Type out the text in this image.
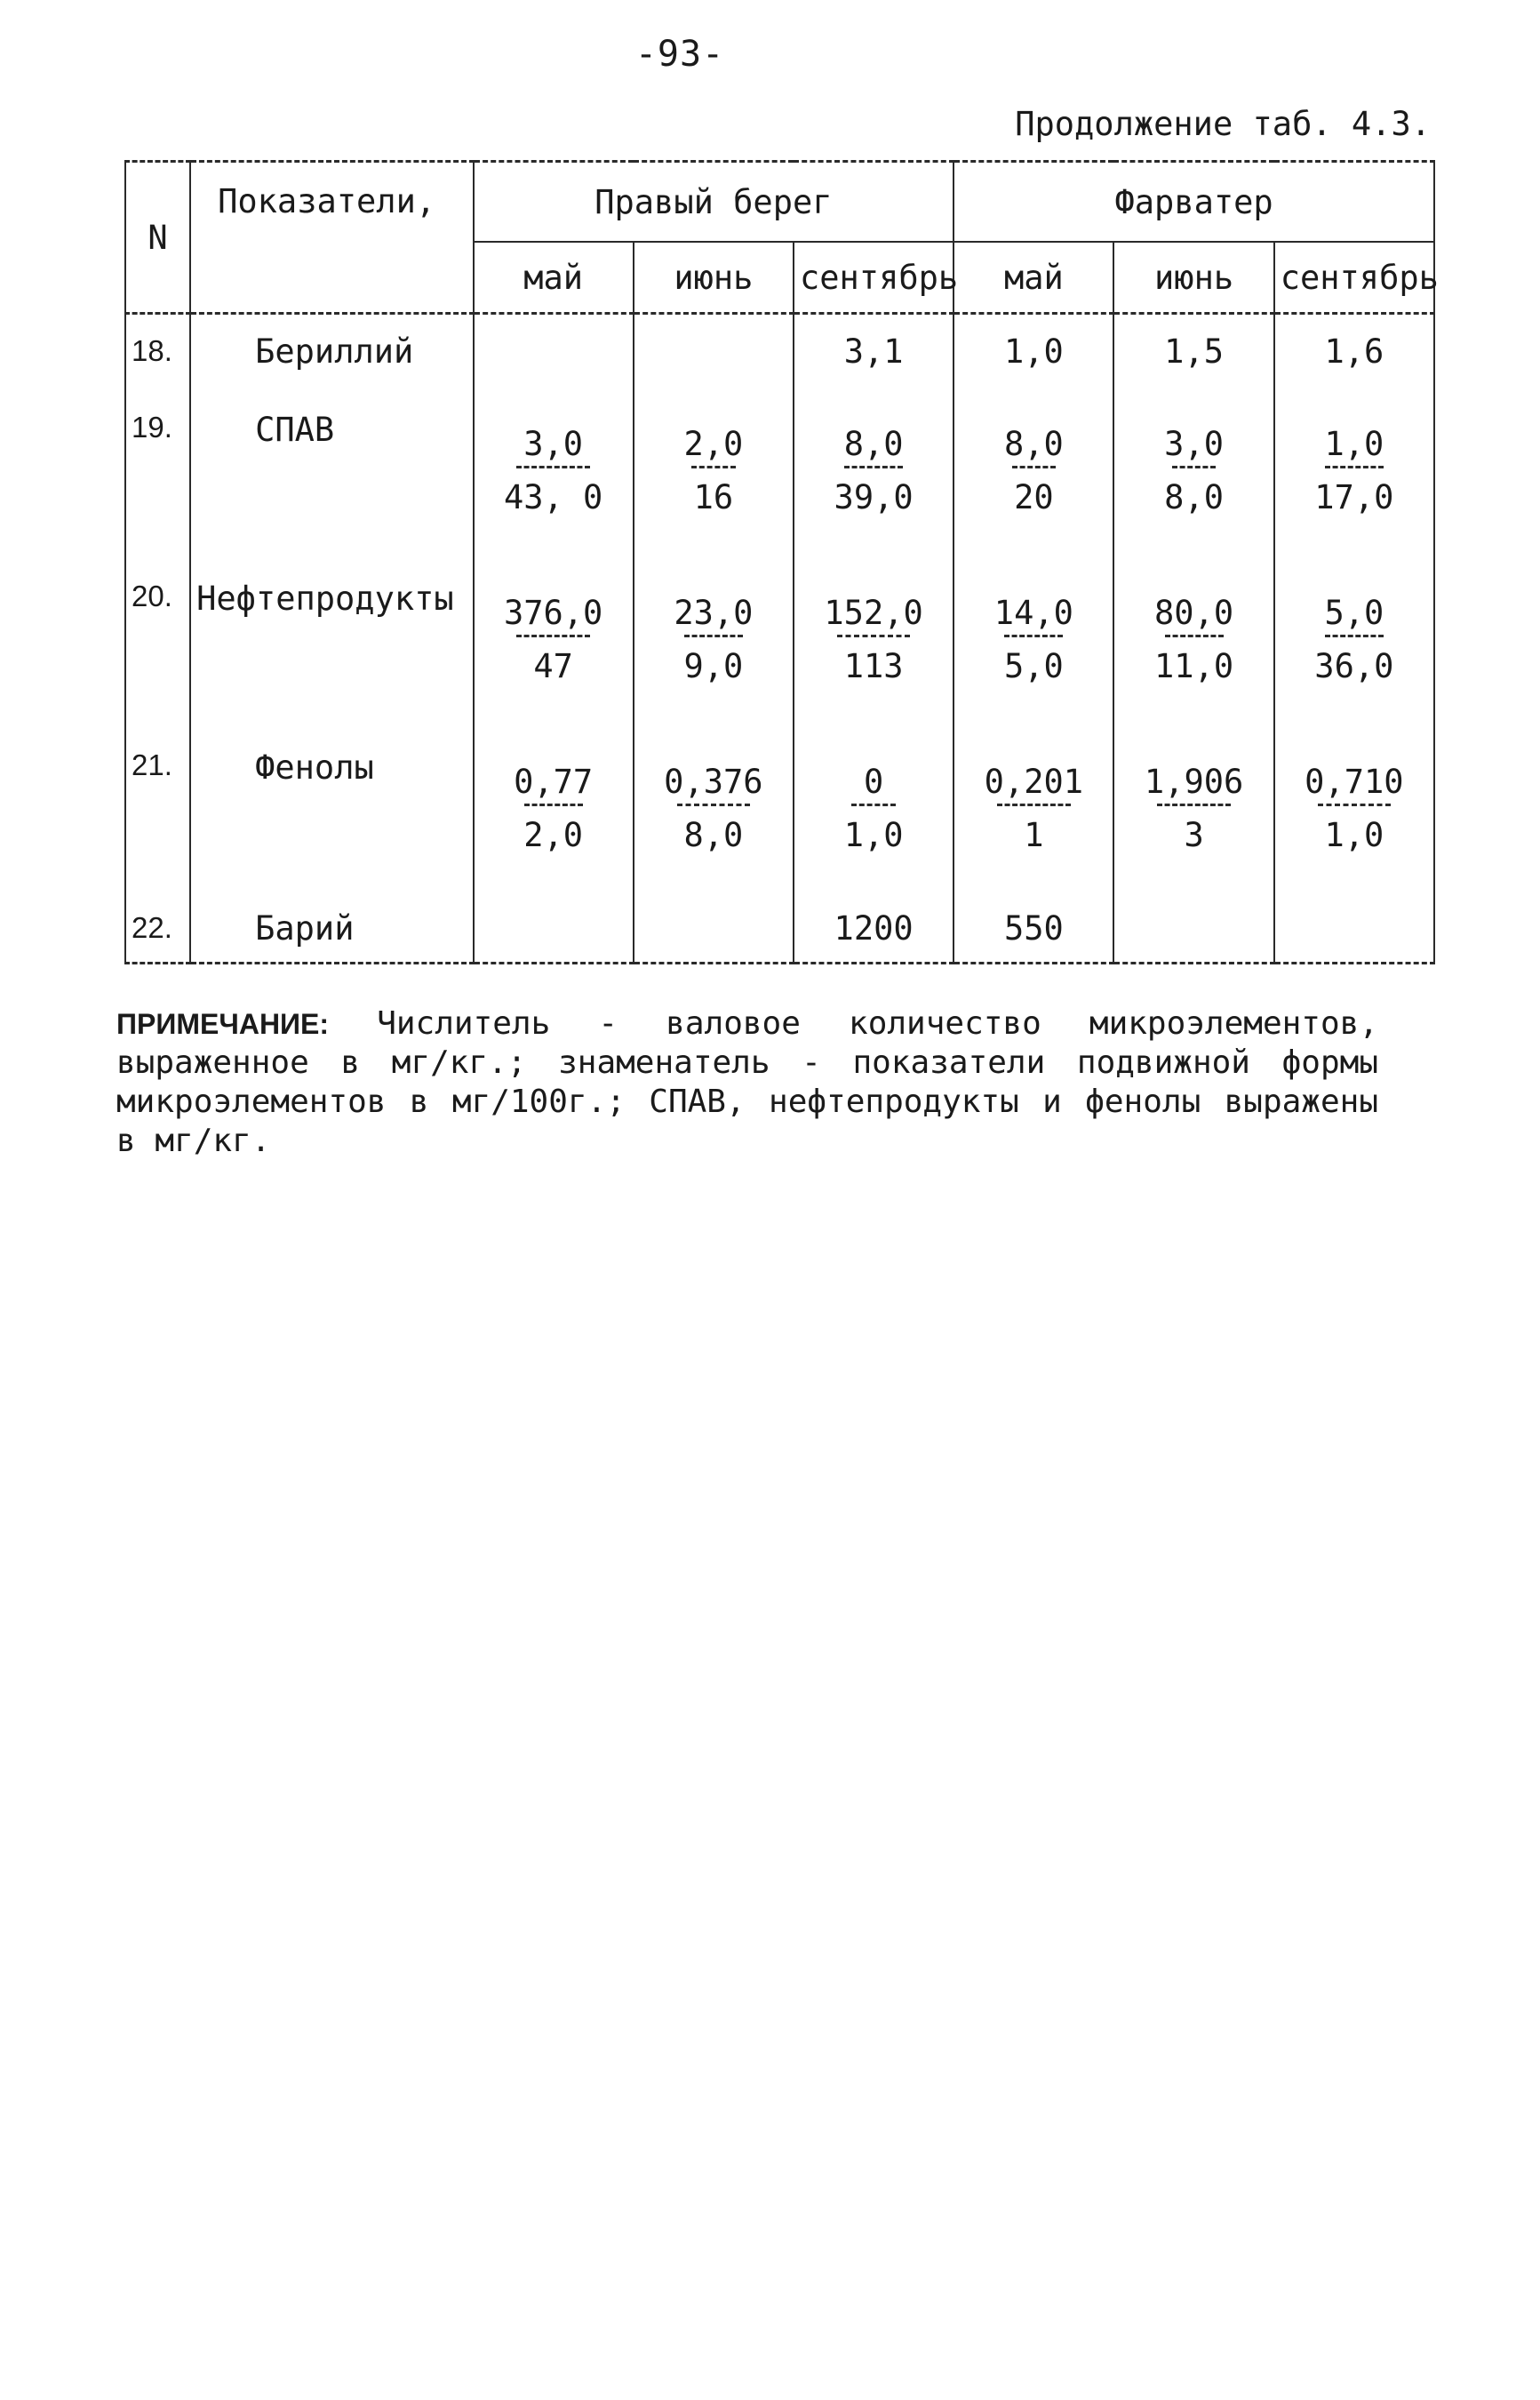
-93-
Продолжение таб. 4.3.
N	Показатели,	Правый берег			Фарватер		
		май	июнь	сентябрь	май	июнь	сентябрь
18.	Бериллий			3,1	1,0	1,5	1,6
19.	СПАВ	$\frac{3,0}{43, 0}$	$\frac{2,0}{16}$	$\frac{8,0}{39,0}$	$\frac{8,0}{20}$	$\frac{3,0}{8,0}$	$\frac{1,0}{17,0}$

20.	Нефтепродукты	$\frac{376,0}{47}$	$\frac{23,0}{9,0}$	$\frac{152,0}{113}$	$\frac{14,0}{5,0}$	$\frac{80,0}{11,0}$	$\frac{5,0}{36,0}$

21.	Фенолы	$\frac{0,77}{2,0}$	$\frac{0,376}{8,0}$	$\frac{0}{1,0}$	$\frac{0,201}{1}$	$\frac{1,906}{3}$	$\frac{0,710}{1,0}$

22.	Барий			1200	550		
ПРИМЕЧАНИЕ: Числитель - валовое количество микроэлементов, выраженное в мг/кг.; знаменатель - показатели подвижной формы микроэлементов в мг/100г.; СПАВ, нефтепродукты и фенолы выражены в мг/кг.
